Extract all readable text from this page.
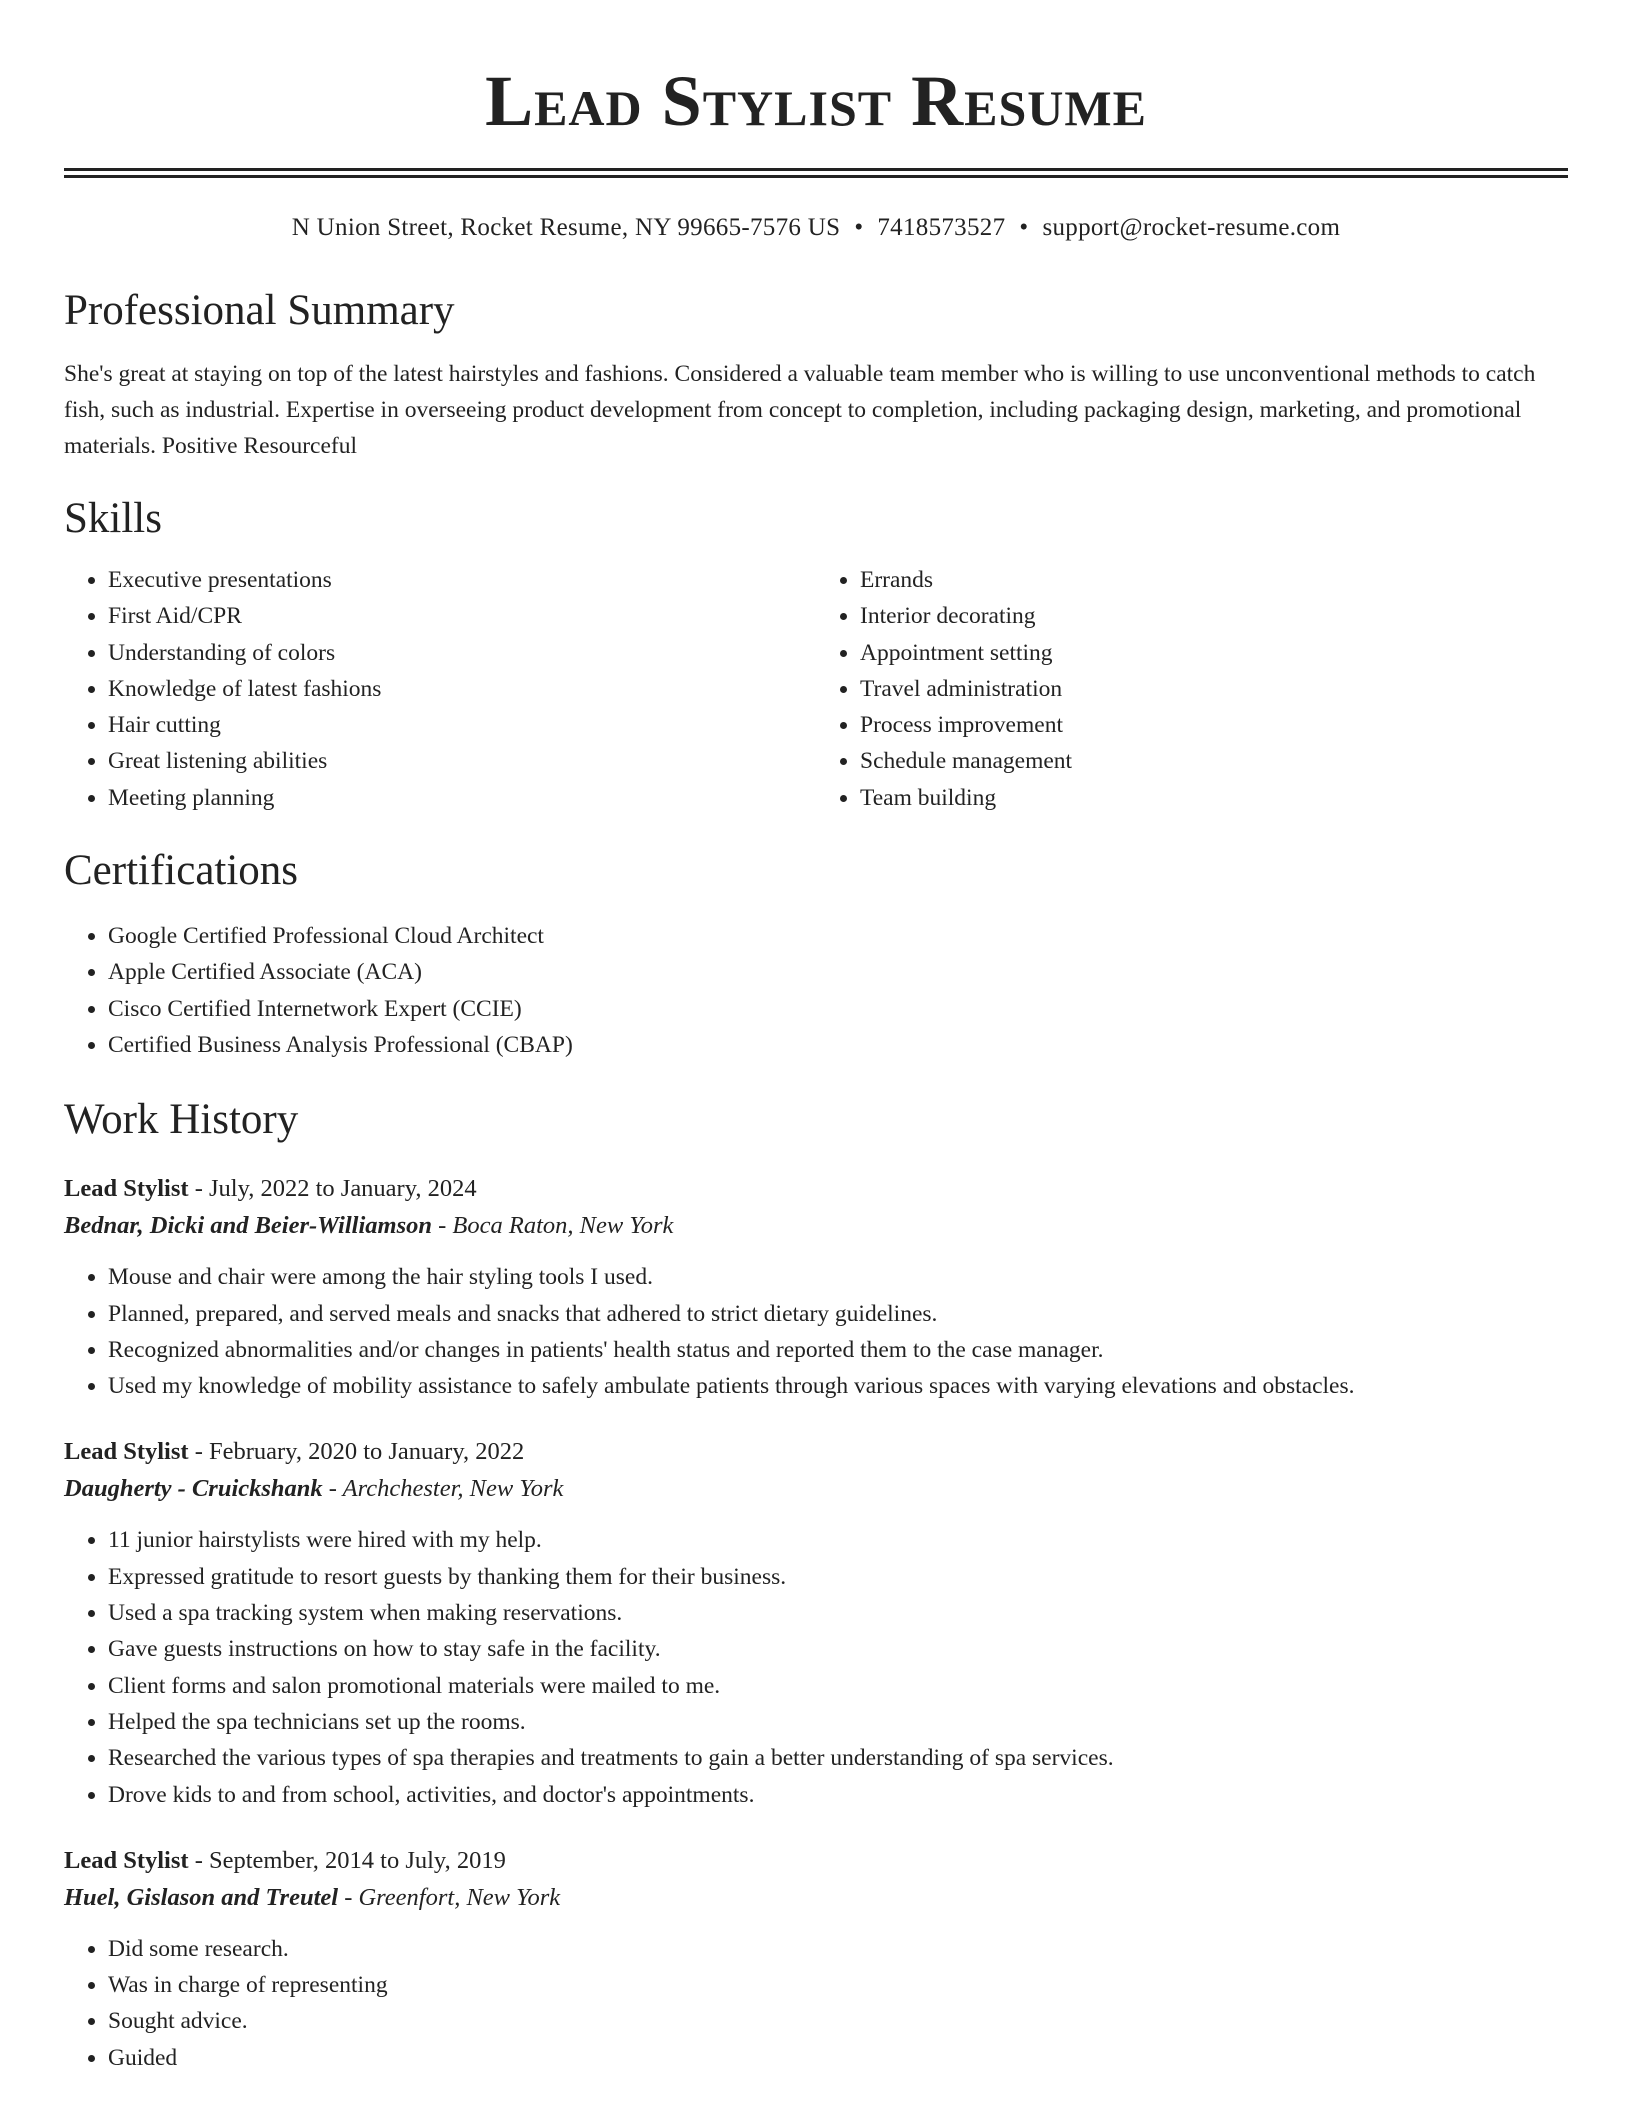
Lead Stylist Resume
N Union Street, Rocket Resume, NY 99665-7576 US • 7418573527 • support@rocket-resume.com
Professional Summary

She's great at staying on top of the latest hairstyles and fashions. Considered a valuable team member who is willing to use unconventional methods to catch fish, such as industrial. Expertise in overseeing product development from concept to completion, including packaging design, marketing, and promotional materials. Positive Resourceful

Skills
• Executive presentations
• First Aid/CPR
• Understanding of colors
• Knowledge of latest fashions
• Hair cutting
• Great listening abilities
• Meeting planning
• Errands
• Interior decorating
• Appointment setting
• Travel administration
• Process improvement
• Schedule management
• Team building
Certifications
• Google Certified Professional Cloud Architect
• Apple Certified Associate (ACA)
• Cisco Certified Internetwork Expert (CCIE)
• Certified Business Analysis Professional (CBAP)
Work History
Lead Stylist - July, 2022 to January, 2024
Bednar, Dicki and Beier-Williamson - Boca Raton, New York
• Mouse and chair were among the hair styling tools I used.
• Planned, prepared, and served meals and snacks that adhered to strict dietary guidelines.
• Recognized abnormalities and/or changes in patients' health status and reported them to the case manager.
• Used my knowledge of mobility assistance to safely ambulate patients through various spaces with varying elevations and obstacles.
Lead Stylist - February, 2020 to January, 2022
Daugherty - Cruickshank - Archchester, New York
• 11 junior hairstylists were hired with my help.
• Expressed gratitude to resort guests by thanking them for their business.
• Used a spa tracking system when making reservations.
• Gave guests instructions on how to stay safe in the facility.
• Client forms and salon promotional materials were mailed to me.
• Helped the spa technicians set up the rooms.
• Researched the various types of spa therapies and treatments to gain a better understanding of spa services.
• Drove kids to and from school, activities, and doctor's appointments.
Lead Stylist - September, 2014 to July, 2019
Huel, Gislason and Treutel - Greenfort, New York
• Did some research.
• Was in charge of representing
• Sought advice.
• Guided
